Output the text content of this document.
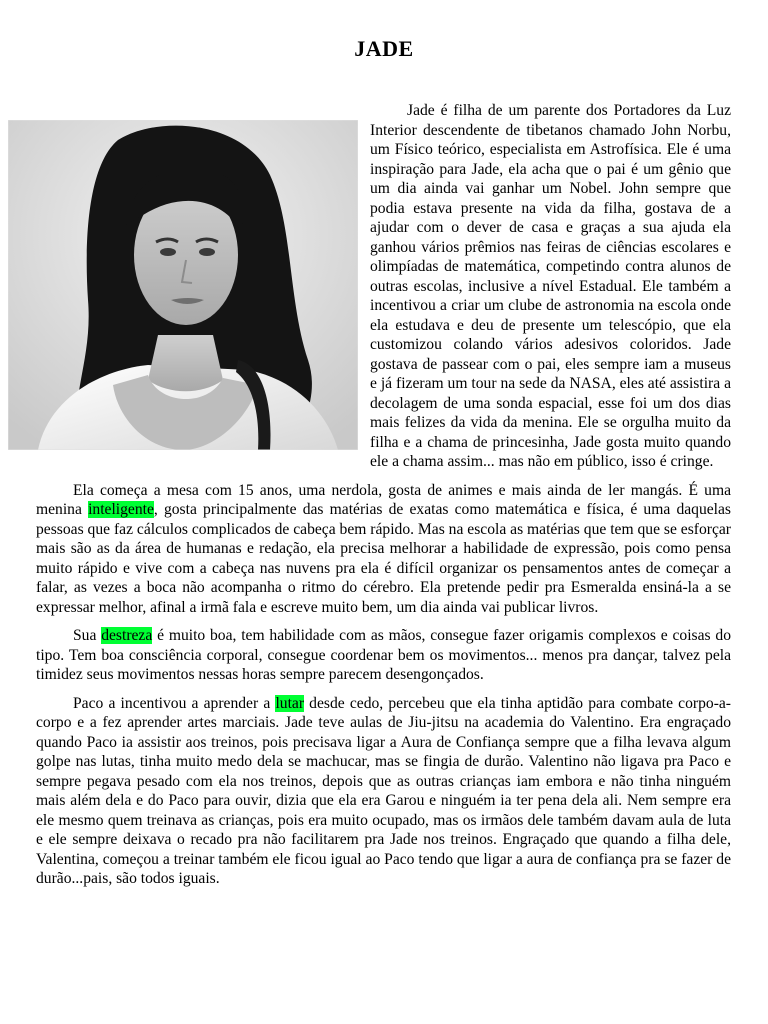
JADE

Jade é filha de um parente dos Portadores da Luz Interior descendente de tibetanos chamado John Norbu, um Físico teórico, especialista em Astrofísica. Ele é uma inspiração para Jade, ela acha que o pai é um gênio que um dia ainda vai ganhar um Nobel. John sempre que podia estava presente na vida da filha, gostava de a ajudar com o dever de casa e graças a sua ajuda ela ganhou vários prêmios nas feiras de ciências escolares e olimpíadas de matemática, competindo contra alunos de outras escolas, inclusive a nível Estadual. Ele também a incentivou a criar um clube de astronomia na escola onde ela estudava e deu de presente um telescópio, que ela customizou colando vários adesivos coloridos. Jade gostava de passear com o pai, eles sempre iam a museus e já fizeram um tour na sede da NASA, eles até assistira a decolagem de uma sonda espacial, esse foi um dos dias mais felizes da vida da menina. Ele se orgulha muito da filha e a chama de princesinha, Jade gosta muito quando ele a chama assim... mas não em público, isso é cringe.

Ela começa a mesa com 15 anos, uma nerdola, gosta de animes e mais ainda de ler mangás. É uma menina inteligente, gosta principalmente das matérias de exatas como matemática e física, é uma daquelas pessoas que faz cálculos complicados de cabeça bem rápido. Mas na escola as matérias que tem que se esforçar mais são as da área de humanas e redação, ela precisa melhorar a habilidade de expressão, pois como pensa muito rápido e vive com a cabeça nas nuvens pra ela é difícil organizar os pensamentos antes de começar a falar, as vezes a boca não acompanha o ritmo do cérebro. Ela pretende pedir pra Esmeralda ensiná-la a se expressar melhor, afinal a irmã fala e escreve muito bem, um dia ainda vai publicar livros.

Sua destreza é muito boa, tem habilidade com as mãos, consegue fazer origamis complexos e coisas do tipo. Tem boa consciência corporal, consegue coordenar bem os movimentos... menos pra dançar, talvez pela timidez seus movimentos nessas horas sempre parecem desengonçados.

Paco a incentivou a aprender a lutar desde cedo, percebeu que ela tinha aptidão para combate corpo-a-corpo e a fez aprender artes marciais. Jade teve aulas de Jiu-jitsu na academia do Valentino. Era engraçado quando Paco ia assistir aos treinos, pois precisava ligar a Aura de Confiança sempre que a filha levava algum golpe nas lutas, tinha muito medo dela se machucar, mas se fingia de durão. Valentino não ligava pra Paco e sempre pegava pesado com ela nos treinos, depois que as outras crianças iam embora e não tinha ninguém mais além dela e do Paco para ouvir, dizia que ela era Garou e ninguém ia ter pena dela ali. Nem sempre era ele mesmo quem treinava as crianças, pois era muito ocupado, mas os irmãos dele também davam aula de luta e ele sempre deixava o recado pra não facilitarem pra Jade nos treinos. Engraçado que quando a filha dele, Valentina, começou a treinar também ele ficou igual ao Paco tendo que ligar a aura de confiança pra se fazer de durão...pais, são todos iguais.
